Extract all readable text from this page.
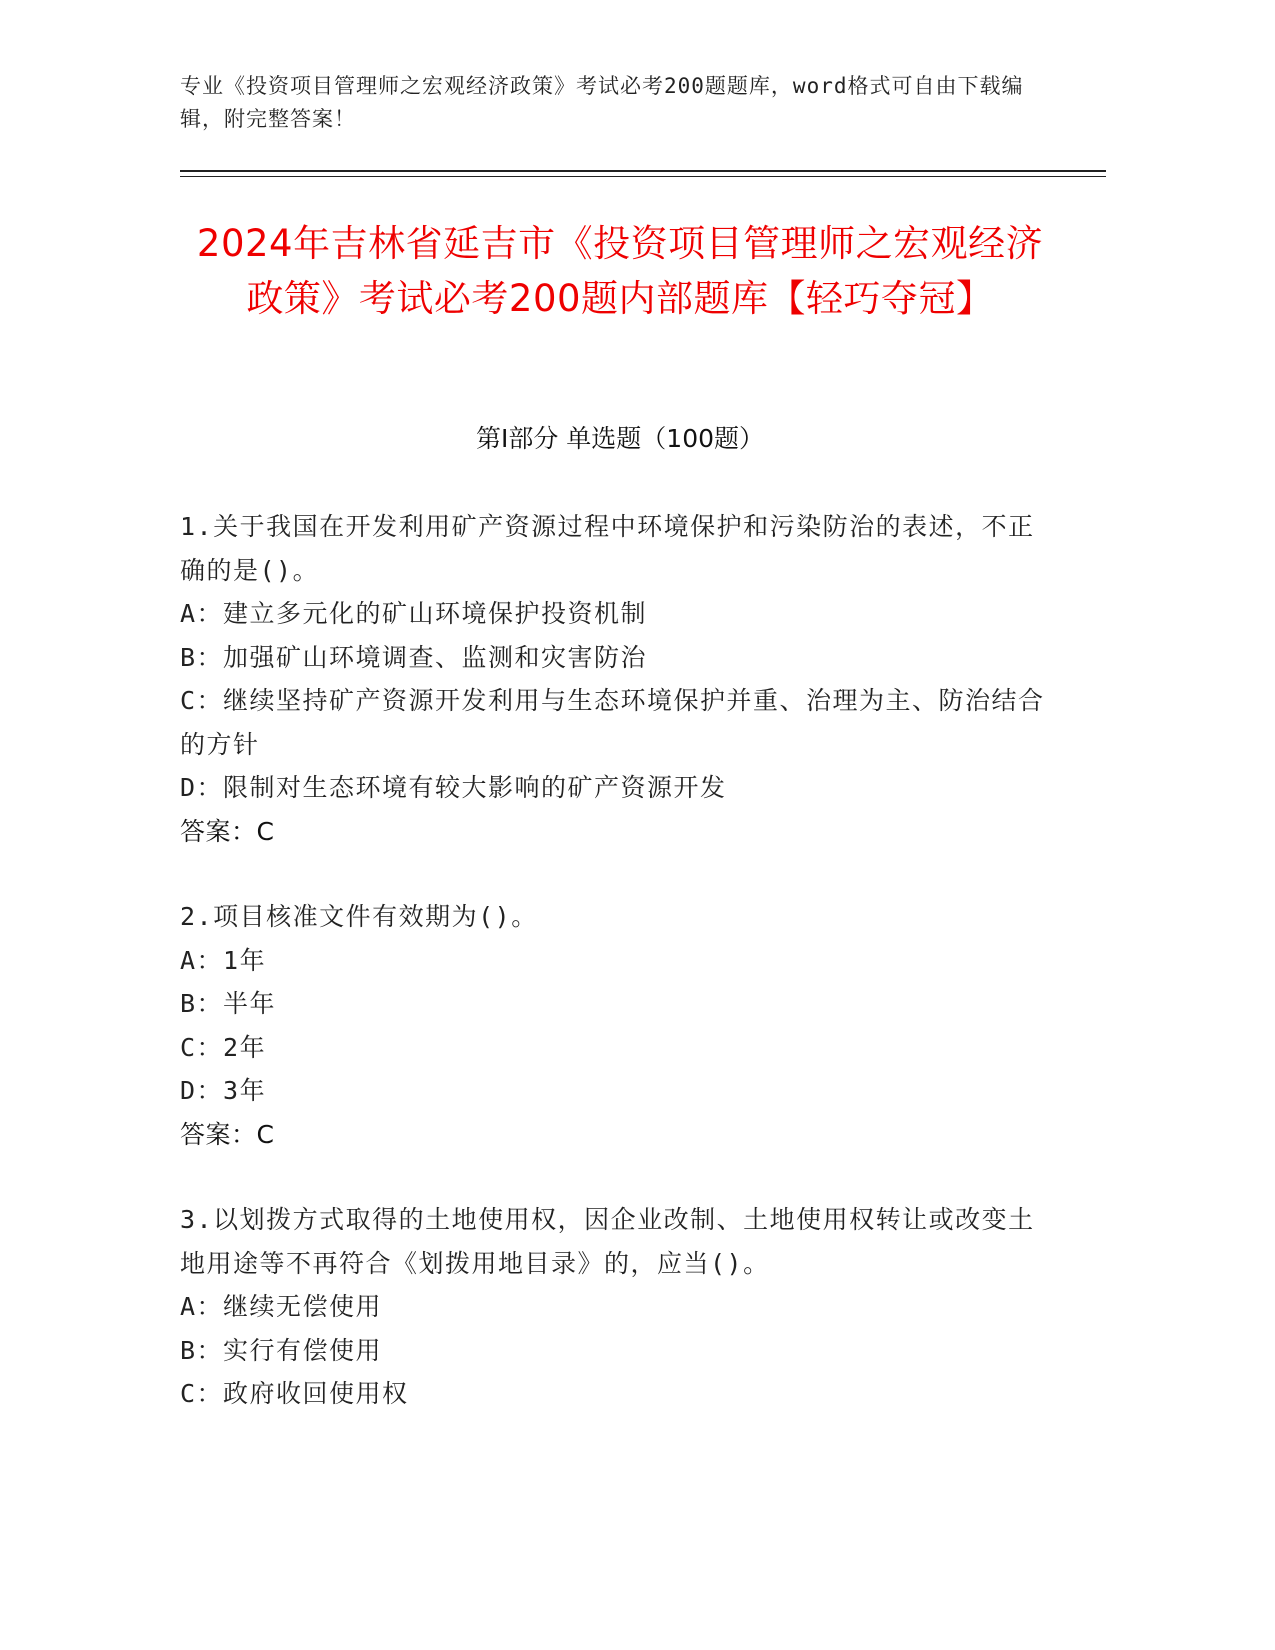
专业《投资项目管理师之宏观经济政策》考试必考200题题库，word格式可自由下载编辑，附完整答案！
2024年吉林省延吉市《投资项目管理师之宏观经济政策》考试必考200题内部题库【轻巧夺冠】
第Ⅰ部分 单选题（100题）
1.关于我国在开发利用矿产资源过程中环境保护和污染防治的表述，不正确的是()。
A：建立多元化的矿山环境保护投资机制
B：加强矿山环境调查、监测和灾害防治
C：继续坚持矿产资源开发利用与生态环境保护并重、治理为主、防治结合的方针
D：限制对生态环境有较大影响的矿产资源开发
答案：C
2.项目核准文件有效期为()。
A：1年
B：半年
C：2年
D：3年
答案：C
3.以划拨方式取得的土地使用权，因企业改制、土地使用权转让或改变土地用途等不再符合《划拨用地目录》的，应当()。
A：继续无偿使用
B：实行有偿使用
C：政府收回使用权
